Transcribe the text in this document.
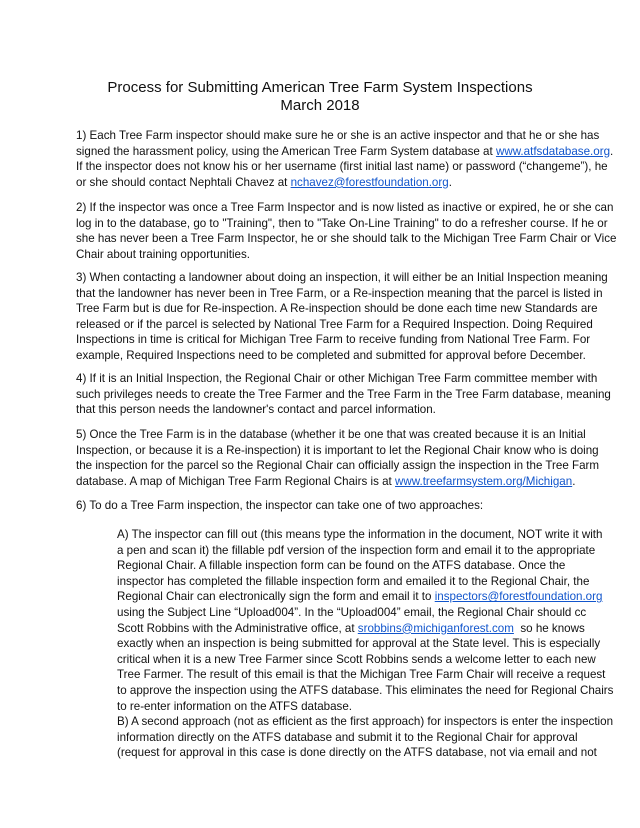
Process for Submitting American Tree Farm System Inspections
March 2018
1) Each Tree Farm inspector should make sure he or she is an active inspector and that he or she has
signed the harassment policy, using the American Tree Farm System database at www.atfsdatabase.org.
If the inspector does not know his or her username (first initial last name) or password (“changeme”), he
or she should contact Nephtali Chavez at nchavez@forestfoundation.org.
2) If the inspector was once a Tree Farm Inspector and is now listed as inactive or expired, he or she can
log in to the database, go to "Training", then to "Take On-Line Training" to do a refresher course. If he or
she has never been a Tree Farm Inspector, he or she should talk to the Michigan Tree Farm Chair or Vice
Chair about training opportunities.
3) When contacting a landowner about doing an inspection, it will either be an Initial Inspection meaning
that the landowner has never been in Tree Farm, or a Re-inspection meaning that the parcel is listed in
Tree Farm but is due for Re-inspection. A Re-inspection should be done each time new Standards are
released or if the parcel is selected by National Tree Farm for a Required Inspection. Doing Required
Inspections in time is critical for Michigan Tree Farm to receive funding from National Tree Farm. For
example, Required Inspections need to be completed and submitted for approval before December.
4) If it is an Initial Inspection, the Regional Chair or other Michigan Tree Farm committee member with
such privileges needs to create the Tree Farmer and the Tree Farm in the Tree Farm database, meaning
that this person needs the landowner's contact and parcel information.
5) Once the Tree Farm is in the database (whether it be one that was created because it is an Initial
Inspection, or because it is a Re-inspection) it is important to let the Regional Chair know who is doing
the inspection for the parcel so the Regional Chair can officially assign the inspection in the Tree Farm
database. A map of Michigan Tree Farm Regional Chairs is at www.treefarmsystem.org/Michigan.
6) To do a Tree Farm inspection, the inspector can take one of two approaches:
A) The inspector can fill out (this means type the information in the document, NOT write it with
a pen and scan it) the fillable pdf version of the inspection form and email it to the appropriate
Regional Chair. A fillable inspection form can be found on the ATFS database. Once the
inspector has completed the fillable inspection form and emailed it to the Regional Chair, the
Regional Chair can electronically sign the form and email it to inspectors@forestfoundation.org
using the Subject Line “Upload004”. In the “Upload004” email, the Regional Chair should cc
Scott Robbins with the Administrative office, at srobbins@michiganforest.com  so he knows
exactly when an inspection is being submitted for approval at the State level. This is especially
critical when it is a new Tree Farmer since Scott Robbins sends a welcome letter to each new
Tree Farmer. The result of this email is that the Michigan Tree Farm Chair will receive a request
to approve the inspection using the ATFS database. This eliminates the need for Regional Chairs
to re-enter information on the ATFS database.
B) A second approach (not as efficient as the first approach) for inspectors is enter the inspection
information directly on the ATFS database and submit it to the Regional Chair for approval
(request for approval in this case is done directly on the ATFS database, not via email and not
